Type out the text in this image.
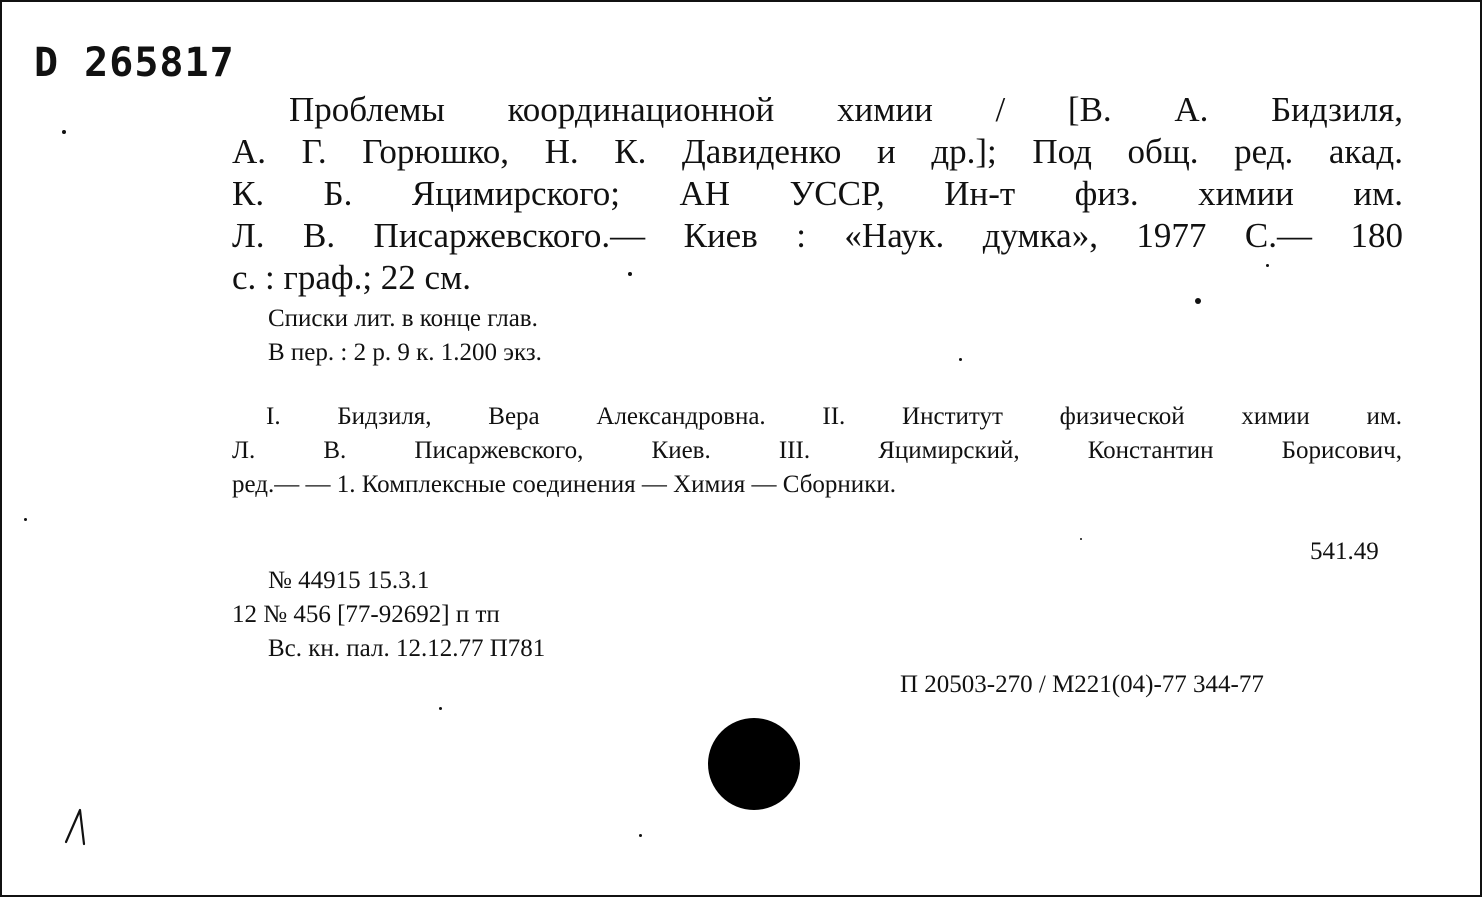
D 265817
Проблемы координационной химии / [В. А. Бидзиля,
А. Г. Горюшко, Н. К. Давиденко и др.]; Под общ. ред. акад.
К. Б. Яцимирского; АН УССР, Ин-т физ. химии им.
Л. В. Писаржевского.— Киев : «Наук. думка», 1977 С.— 180
с. : граф.; 22 см.
Списки лит. в конце глав.
В пер. : 2 р. 9 к. 1.200 экз.
I. Бидзиля, Вера Александровна. II. Институт физической химии им.
Л. В. Писаржевского, Киев. III. Яцимирский, Константин Борисович,
ред.— — 1. Комплексные соединения — Химия — Сборники.
541.49
№ 44915 15.3.1
12 № 456 [77-92692] п тп
Вс. кн. пал. 12.12.77 П781
П 20503-270 / М221(04)-77 344-77
